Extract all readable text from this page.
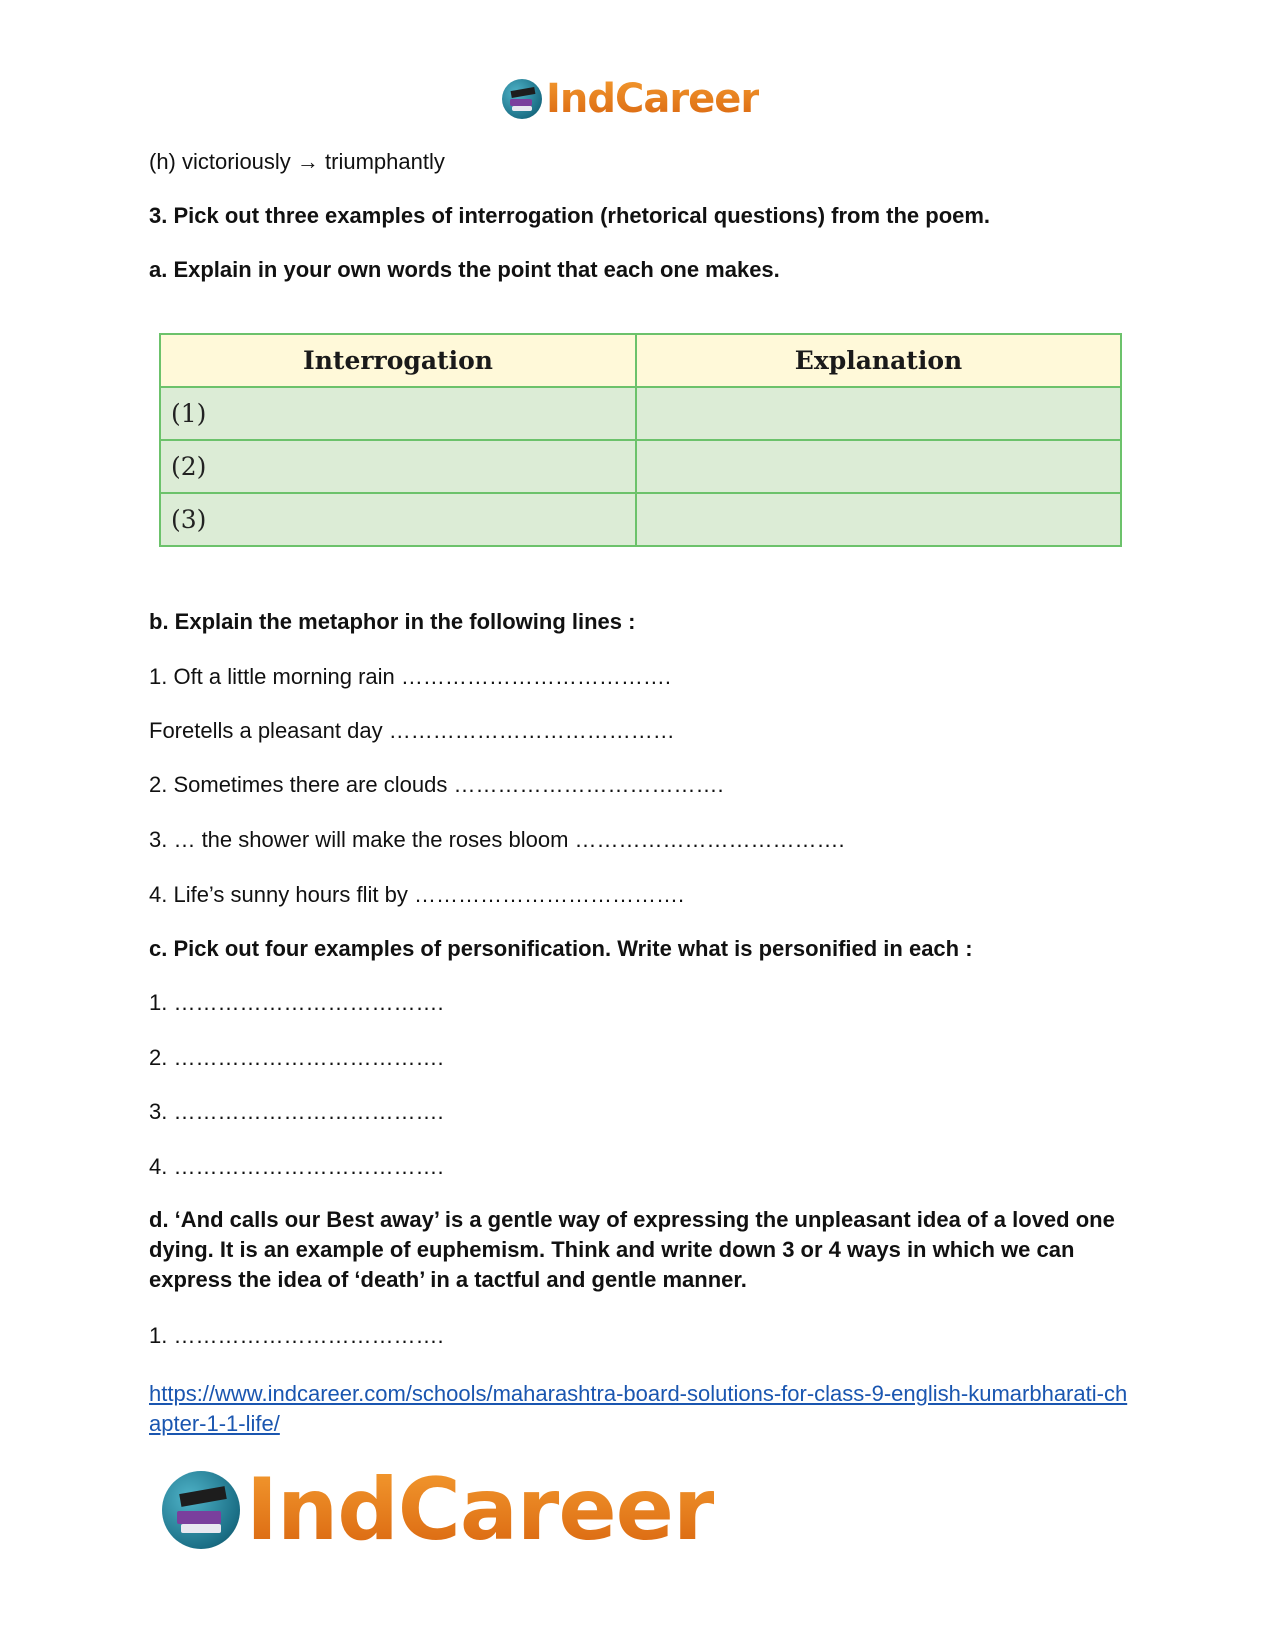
IndCareer
(h) victoriously → triumphantly
3. Pick out three examples of interrogation (rhetorical questions) from the poem.
a. Explain in your own words the point that each one makes.
Interrogation	Explanation
(1)	
(2)	
(3)	
b. Explain the metaphor in the following lines :
1. Oft a little morning rain ……………………………….
Foretells a pleasant day …………………………………
2. Sometimes there are clouds ……………………………….
3. … the shower will make the roses bloom ……………………………….
4. Life’s sunny hours flit by ……………………………….
c. Pick out four examples of personification. Write what is personified in each :
1. ……………………………….
2. ……………………………….
3. ……………………………….
4. ……………………………….
d. ‘And calls our Best away’ is a gentle way of expressing the unpleasant idea of a loved one dying. It is an example of euphemism. Think and write down 3 or 4 ways in which we can express the idea of ‘death’ in a tactful and gentle manner.
1. ……………………………….
https://www.indcareer.com/schools/maharashtra-board-solutions-for-class-9-english-kumarbharati-chapter-1-1-life/
IndCareer
